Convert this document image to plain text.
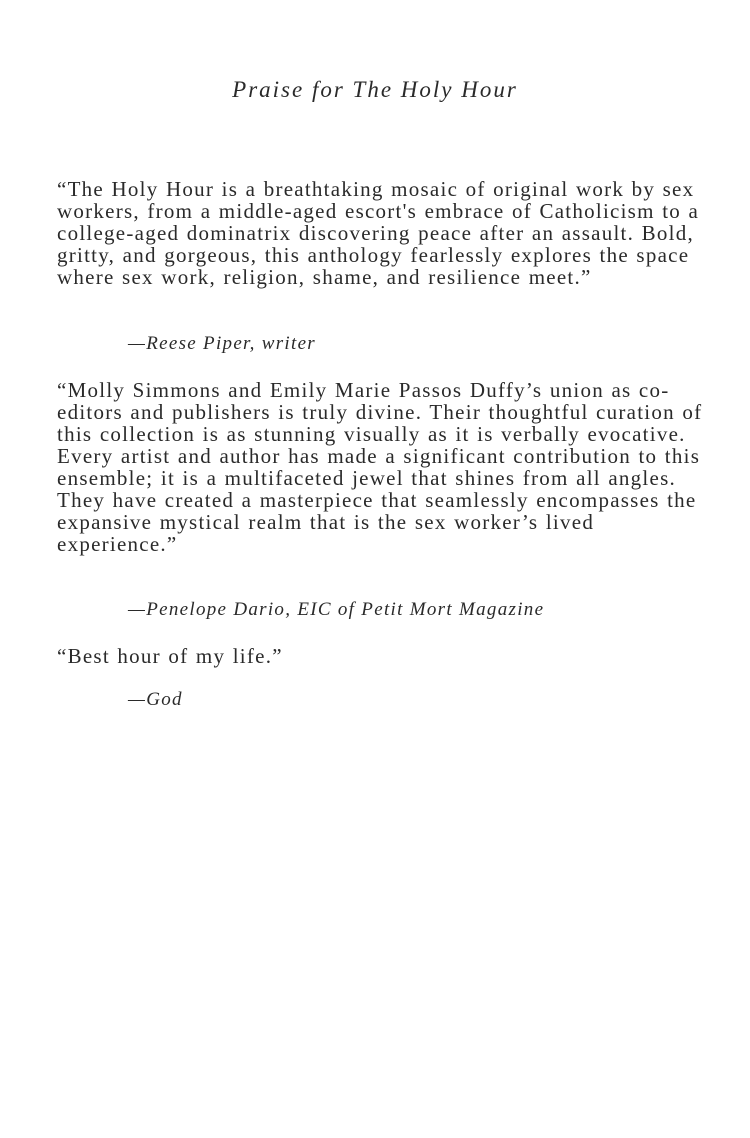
Praise for The Holy Hour

“The Holy Hour is a breathtaking mosaic of original work by sex workers, from a middle-aged escort's embrace of Catholicism to a college-aged dominatrix discovering peace after an assault. Bold, gritty, and gorgeous, this anthology fearlessly explores the space where sex work, religion, shame, and resilience meet.”

—Reese Piper, writer

“Molly Simmons and Emily Marie Passos Duffy’s union as co-editors and publishers is truly divine. Their thoughtful curation of this collection is as stunning visually as it is verbally evocative. Every artist and author has made a significant contribution to this ensemble; it is a multifaceted jewel that shines from all angles. They have created a masterpiece that seamlessly encompasses the expansive mystical realm that is the sex worker’s lived experience.”

—Penelope Dario, EIC of Petit Mort Magazine

“Best hour of my life.”

—God
